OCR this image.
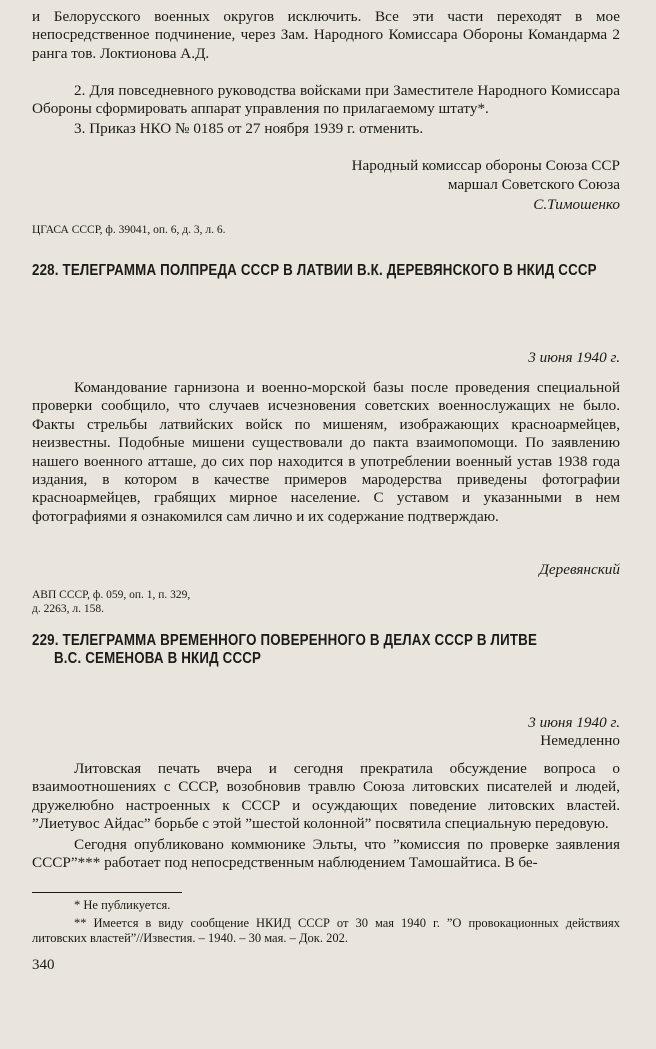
и Белорусского военных округов исключить. Все эти части переходят в мое непосредственное подчинение, через Зам. Народного Комиссара Обороны Командарма 2 ранга тов. Локтионова А.Д.

2. Для повседневного руководства войсками при Заместителе Народного Комиссара Обороны сформировать аппарат управления по прилагаемому штату*.

3. Приказ НКО № 0185 от 27 ноября 1939 г. отменить.

Народный комиссар обороны Союза ССР

маршал Советского Союза

С.Тимошенко

ЦГАСА СССР, ф. 39041, оп. 6, д. 3, л. 6.

228. ТЕЛЕГРАММА ПОЛПРЕДА СССР В ЛАТВИИ В.К. ДЕРЕВЯНСКОГО В НКИД СССР

3 июня 1940 г.

Командование гарнизона и военно-морской базы после проведения специальной проверки сообщило, что случаев исчезновения советских военнослужащих не было. Факты стрельбы латвийских войск по мишеням, изображающих красноармейцев, неизвестны. Подобные мишени существовали до пакта взаимопомощи. По заявлению нашего военного атташе, до сих пор находится в употреблении военный устав 1938 года издания, в котором в качестве примеров мародерства приведены фотографии красноармейцев, грабящих мирное население. С уставом и указанными в нем фотографиями я ознакомился сам лично и их содержание подтверждаю.

Деревянский

АВП СССР, ф. 059, оп. 1, п. 329,

д. 2263, л. 158.

229. ТЕЛЕГРАММА ВРЕМЕННОГО ПОВЕРЕННОГО В ДЕЛАХ СССР В ЛИТВЕ
В.С. СЕМЕНОВА В НКИД СССР

3 июня 1940 г.

Немедленно

Литовская печать вчера и сегодня прекратила обсуждение вопроса о взаимоотношениях с СССР, возобновив травлю Союза литовских писателей и людей, дружелюбно настроенных к СССР и осуждающих поведение литовских властей. ”Лиетувос Айдас” борьбе с этой ”шестой колонной” посвятила специальную передовую.

Сегодня опубликовано коммюнике Эльты, что ”комиссия по проверке заявления СССР”*** работает под непосредственным наблюдением Тамошайтиса. В бе-

* Не публикуется.

** Имеется в виду сообщение НКИД СССР от 30 мая 1940 г. ”О провокационных действиях литовских властей”//Известия. – 1940. – 30 мая. – Док. 202.

340
